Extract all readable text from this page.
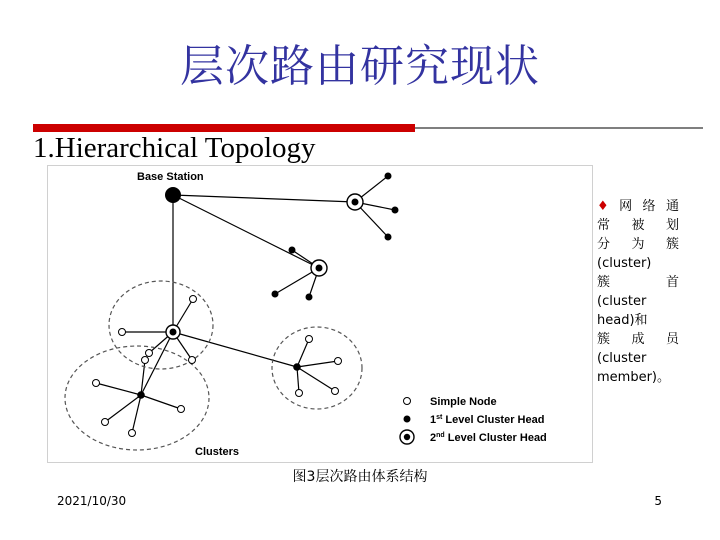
层次路由研究现状
1.Hierarchical Topology
Base Station
Clusters
Simple Node
1st Level Cluster Head
2nd Level Cluster Head
♦网络通
常 被 划
分 为 簇
(cluster)
簇 首
(cluster
head)和
簇 成 员
(cluster
member)。
图3层次路由体系结构
2021/10/30	5
